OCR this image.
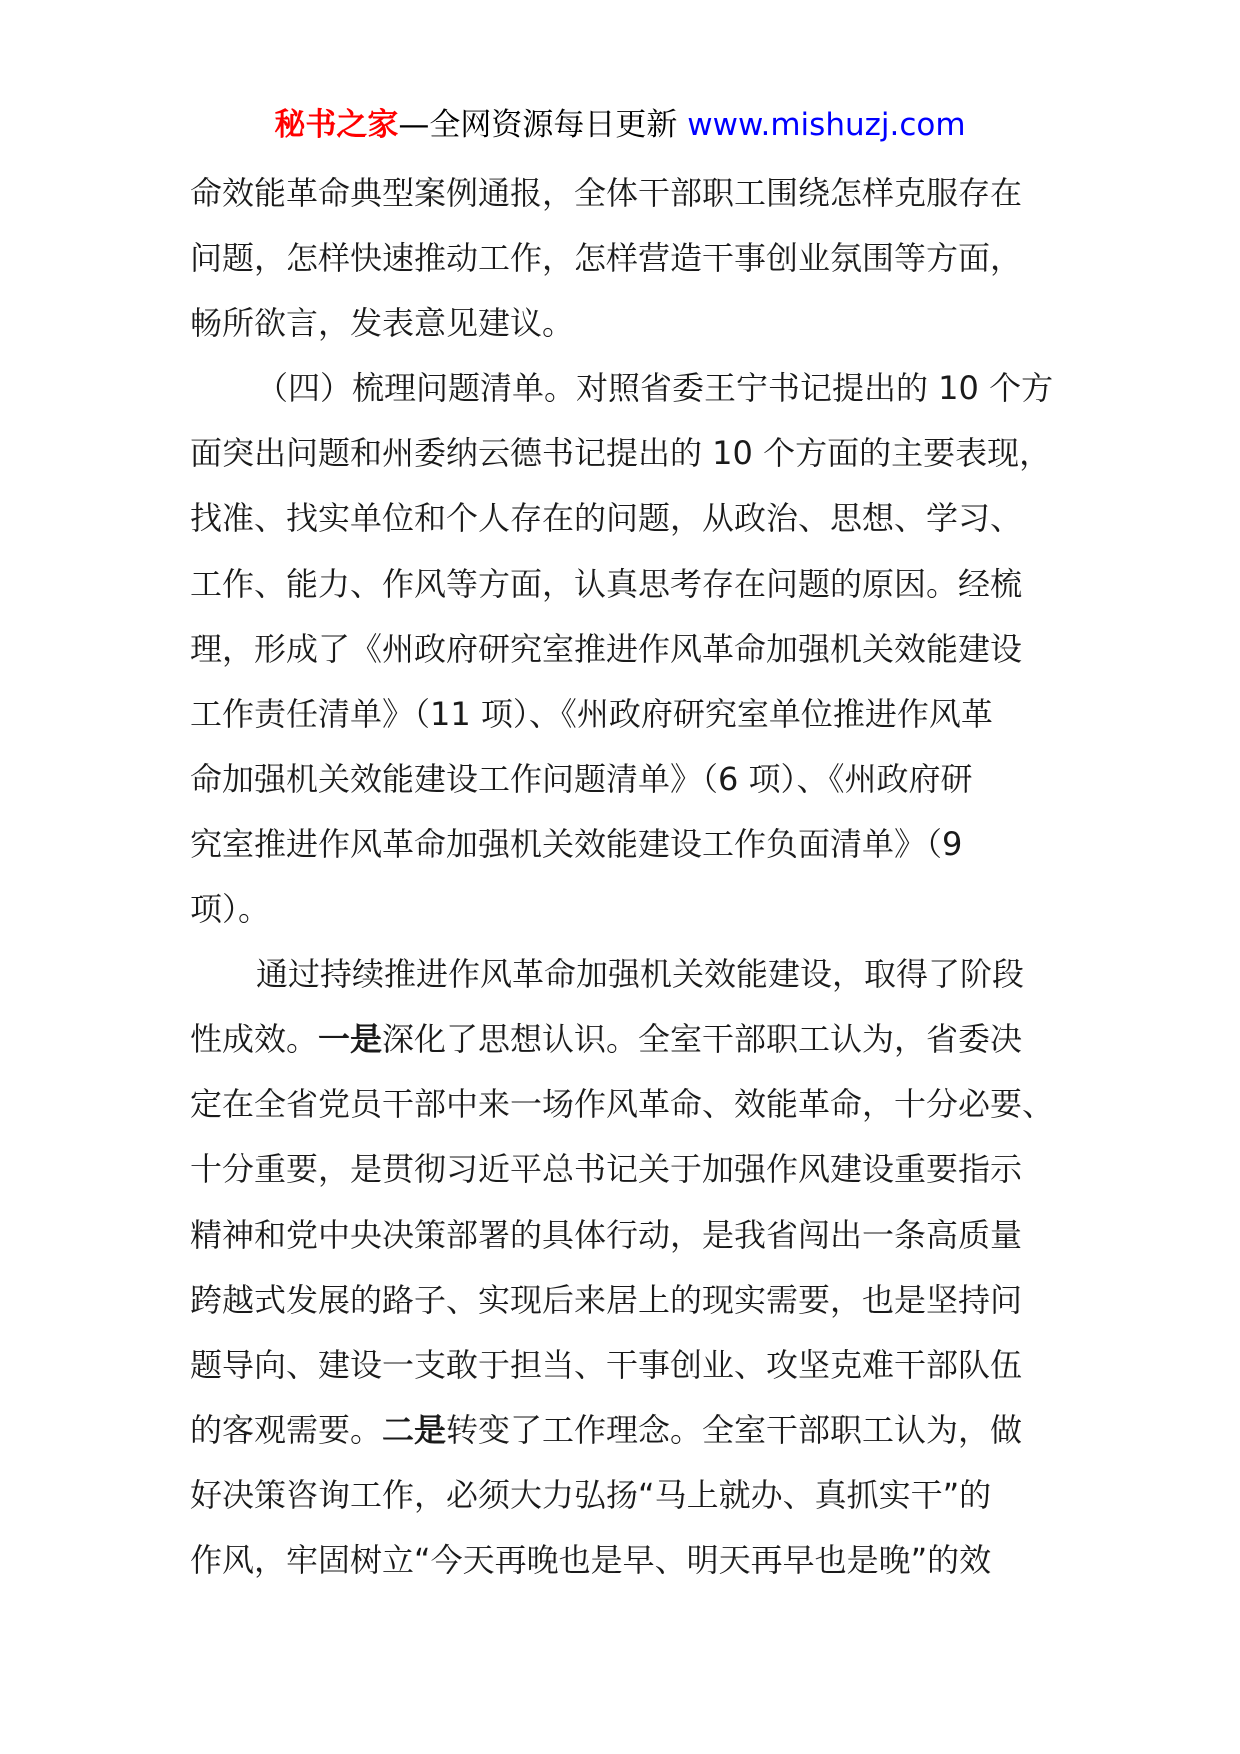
秘书之家—全网资源每日更新 www.mishuzj.com
命效能革命典型案例通报，全体干部职工围绕怎样克服存在
问题，怎样快速推动工作，怎样营造干事创业氛围等方面，
畅所欲言，发表意见建议。
（四）梳理问题清单。对照省委王宁书记提出的 10 个方
面突出问题和州委纳云德书记提出的 10 个方面的主要表现，
找准、找实单位和个人存在的问题，从政治、思想、学习、
工作、能力、作风等方面，认真思考存在问题的原因。经梳
理，形成了《州政府研究室推进作风革命加强机关效能建设
工作责任清单》（11 项）、《州政府研究室单位推进作风革
命加强机关效能建设工作问题清单》（6 项）、《州政府研
究室推进作风革命加强机关效能建设工作负面清单》（9
项）。
通过持续推进作风革命加强机关效能建设，取得了阶段
性成效。一是深化了思想认识。全室干部职工认为，省委决
定在全省党员干部中来一场作风革命、效能革命，十分必要、
十分重要，是贯彻习近平总书记关于加强作风建设重要指示
精神和党中央决策部署的具体行动，是我省闯出一条高质量
跨越式发展的路子、实现后来居上的现实需要，也是坚持问
题导向、建设一支敢于担当、干事创业、攻坚克难干部队伍
的客观需要。二是转变了工作理念。全室干部职工认为，做
好决策咨询工作，必须大力弘扬“马上就办、真抓实干”的
作风，牢固树立“今天再晚也是早、明天再早也是晚”的效
